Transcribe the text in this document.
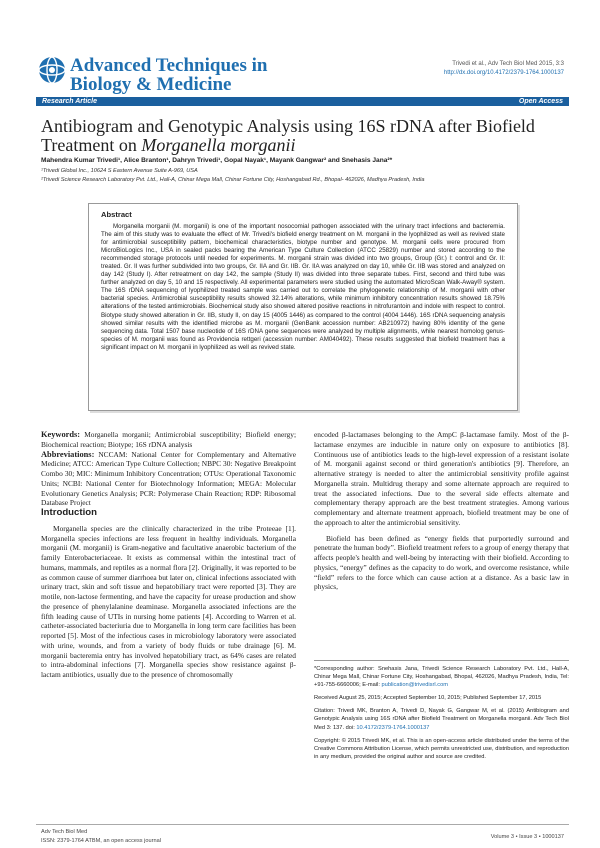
Advanced Techniques in
Biology & Medicine
Trivedi et al., Adv Tech Biol Med 2015, 3:3
http://dx.doi.org/10.4172/2379-1764.1000137
Research Article	Open Access
Antibiogram and Genotypic Analysis using 16S rDNA after Biofield Treatment on Morganella morganii
Mahendra Kumar Trivedi¹, Alice Branton¹, Dahryn Trivedi¹, Gopal Nayak¹, Mayank Gangwar² and Snehasis Jana²*
¹Trivedi Global Inc., 10624 S Eastern Avenue Suite A-969, USA
²Trivedi Science Research Laboratory Pvt. Ltd., Hall-A, Chinar Mega Mall, Chinar Fortune City, Hoshangabad Rd., Bhopal- 462026, Madhya Pradesh, India
Abstract

Morganella morganii (M. morganii) is one of the important nosocomial pathogen associated with the urinary tract infections and bacteremia. The aim of this study was to evaluate the effect of Mr. Trivedi's biofield energy treatment on M. morganii in the lyophilized as well as revived state for antimicrobial susceptibility pattern, biochemical characteristics, biotype number and genotype. M. morganii cells were procured from MicroBioLogics Inc., USA in sealed packs bearing the American Type Culture Collection (ATCC 25829) number and stored according to the recommended storage protocols until needed for experiments. M. morganii strain was divided into two groups, Group (Gr.) I: control and Gr. II: treated. Gr. II was further subdivided into two groups, Gr. IIA and Gr. IIB. Gr. IIA was analyzed on day 10, while Gr. IIB was stored and analyzed on day 142 (Study I). After retreatment on day 142, the sample (Study II) was divided into three separate tubes. First, second and third tube was further analyzed on day 5, 10 and 15 respectively. All experimental parameters were studied using the automated MicroScan Walk-Away® system. The 16S rDNA sequencing of lyophilized treated sample was carried out to correlate the phylogenetic relationship of M. morganii with other bacterial species. Antimicrobial susceptibility results showed 32.14% alterations, while minimum inhibitory concentration results showed 18.75% alterations of the tested antimicrobials. Biochemical study also showed altered positive reactions in nitrofurantoin and indole with respect to control. Biotype study showed alteration in Gr. IIB, study II, on day 15 (4005 1446) as compared to the control (4004 1446). 16S rDNA sequencing analysis showed similar results with the identified microbe as M. morganii (GenBank accession number: AB210972) having 80% identity of the gene sequencing data. Total 1507 base nucleotide of 16S rDNA gene sequences were analyzed by multiple alignments, while nearest homolog genus-species of M. morganii was found as Providencia rettgeri (accession number: AM040492). These results suggested that biofield treatment has a significant impact on M. morganii in lyophilized as well as revived state.

Keywords: Morganella morganii; Antimicrobial susceptibility; Biofield energy; Biochemical reaction; Biotype; 16S rDNA analysis

Abbreviations: NCCAM: National Center for Complementary and Alternative Medicine; ATCC: American Type Culture Collection; NBPC 30: Negative Breakpoint Combo 30; MIC: Minimum Inhibitory Concentration; OTUs: Operational Taxonomic Units; NCBI: National Center for Biotechnology Information; MEGA: Molecular Evolutionary Genetics Analysis; PCR: Polymerase Chain Reaction; RDP: Ribosomal Database Project

Introduction

Morganella species are the clinically characterized in the tribe Proteeae [1]. Morganella species infections are less frequent in healthy individuals. Morganella morganii (M. morganii) is Gram-negative and facultative anaerobic bacterium of the family Enterobacteriaceae. It exists as commensal within the intestinal tract of humans, mammals, and reptiles as a normal flora [2]. Originally, it was reported to be as common cause of summer diarrhoea but later on, clinical infections associated with urinary tract, skin and soft tissue and hepatobiliary tract were reported [3]. They are motile, non-lactose fermenting, and have the capacity for urease production and show the presence of phenylalanine deaminase. Morganella associated infections are the fifth leading cause of UTIs in nursing home patients [4]. According to Warren et al. catheter-associated bacteriuria due to Morganella in long term care facilities has been reported [5]. Most of the infectious cases in microbiology laboratory were associated with urine, wounds, and from a variety of body fluids or tube drainage [6]. M. morganii bacteremia entry has involved hepatobiliary tract, as 64% cases are related to intra-abdominal infections [7]. Morganella species show resistance against β-lactam antibiotics, usually due to the presence of chromosomally

encoded β-lactamases belonging to the AmpC β-lactamase family. Most of the β-lactamase enzymes are inducible in nature only on exposure to antibiotics [8]. Continuous use of antibiotics leads to the high-level expression of a resistant isolate of M. morganii against second or third generation's antibiotics [9]. Therefore, an alternative strategy is needed to alter the antimicrobial sensitivity profile against Morganella strain. Multidrug therapy and some alternate approach are required to treat the associated infections. Due to the several side effects alternate and complementary therapy approach are the best treatment strategies. Among various complementary and alternate treatment approach, biofield treatment may be one of the approach to alter the antimicrobial sensitivity.

Biofield has been defined as “energy fields that purportedly surround and penetrate the human body”. Biofield treatment refers to a group of energy therapy that affects people's health and well-being by interacting with their biofield. According to physics, “energy” defines as the capacity to do work, and overcome resistance, while “field” refers to the force which can cause action at a distance. As a basic law in physics,

*Corresponding author: Snehasis Jana, Trivedi Science Research Laboratory Pvt. Ltd., Hall-A, Chinar Mega Mall, Chinar Fortune City, Hoshangabad, Bhopal, 462026, Madhya Pradesh, India, Tel: +91-755-6660006; E-mail: publication@trivedisrl.com

Received August 25, 2015; Accepted September 10, 2015; Published September 17, 2015

Citation: Trivedi MK, Branton A, Trivedi D, Nayak G, Gangwar M, et al. (2015) Antibiogram and Genotypic Analysis using 16S rDNA after Biofield Treatment on Morganella morganii. Adv Tech Biol Med 3: 137. doi: 10.4172/2379-1764.1000137

Copyright: © 2015 Trivedi MK, et al. This is an open-access article distributed under the terms of the Creative Commons Attribution License, which permits unrestricted use, distribution, and reproduction in any medium, provided the original author and source are credited.

Adv Tech Biol Med
ISSN: 2379-1764 ATBM, an open access journal
Volume 3 • Issue 3 • 1000137
